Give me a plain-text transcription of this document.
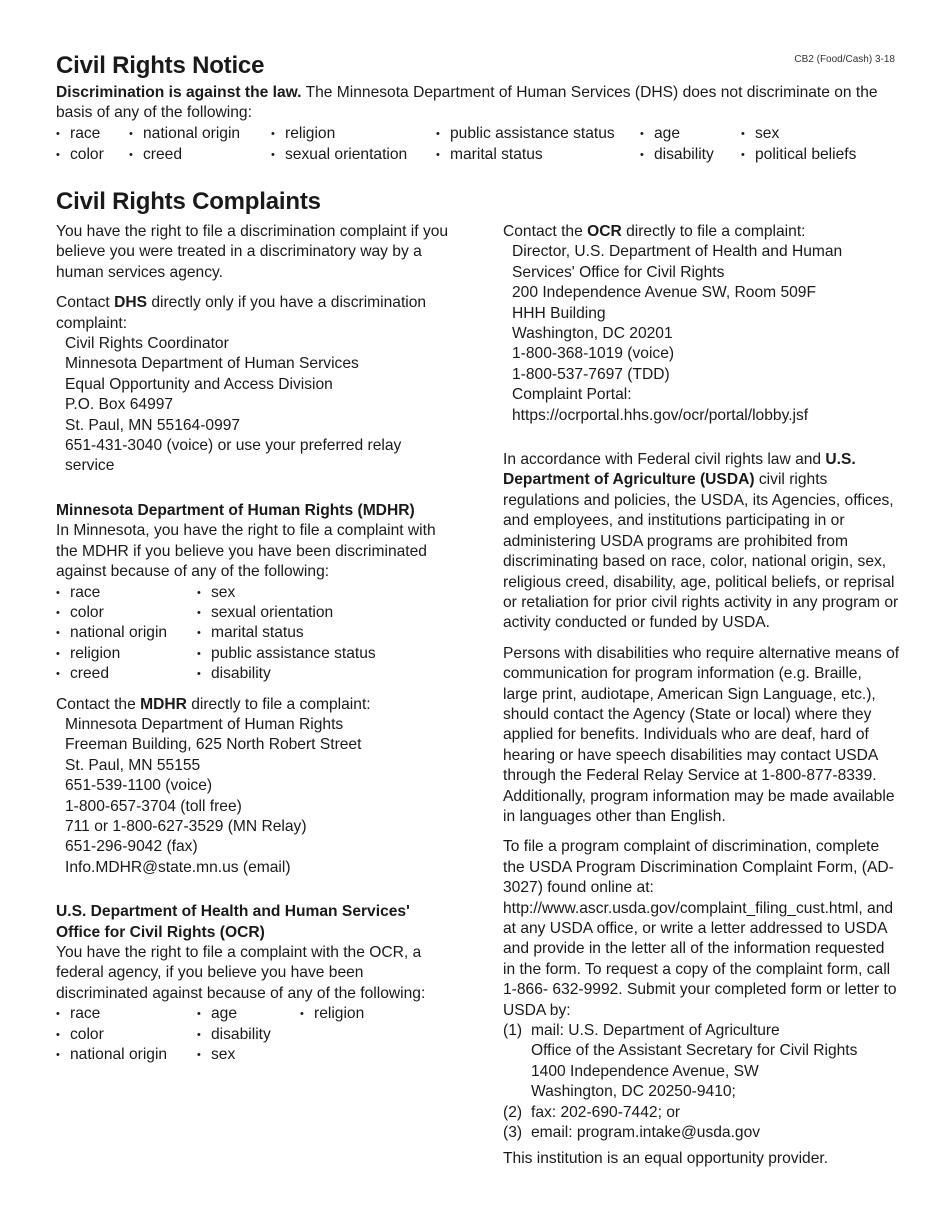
CB2 (Food/Cash) 3-18
Civil Rights Notice

Discrimination is against the law. The Minnesota Department of Human Services (DHS) does not discriminate on the basis of any of the following:

• race
• color
• national origin
• creed
• religion
• sexual orientation
• public assistance status
• marital status
• age
• disability
• sex
• political beliefs
Civil Rights Complaints

You have the right to file a discrimination complaint if you believe you were treated in a discriminatory way by a human services agency.

Contact DHS directly only if you have a discrimination complaint:

Civil Rights Coordinator
Minnesota Department of Human Services
Equal Opportunity and Access Division
P.O. Box 64997
St. Paul, MN 55164-0997
651-431-3040 (voice) or use your preferred relay service
Minnesota Department of Human Rights (MDHR)

In Minnesota, you have the right to file a complaint with the MDHR if you believe you have been discriminated against because of any of the following:

• race
• color
• national origin
• religion
• creed
• sex
• sexual orientation
• marital status
• public assistance status
• disability

Contact the MDHR directly to file a complaint:

Minnesota Department of Human Rights
Freeman Building, 625 North Robert Street
St. Paul, MN 55155
651-539-1100 (voice)
1-800-657-3704 (toll free)
711 or 1-800-627-3529 (MN Relay)
651-296-9042 (fax)
Info.MDHR@state.mn.us (email)
U.S. Department of Health and Human Services'
Office for Civil Rights (OCR)

You have the right to file a complaint with the OCR, a federal agency, if you believe you have been discriminated against because of any of the following:

• race
• color
• national origin
• age
• disability
• sex
• religion

Contact the OCR directly to file a complaint:

Director, U.S. Department of Health and Human Services' Office for Civil Rights
200 Independence Avenue SW, Room 509F
HHH Building
Washington, DC 20201
1-800-368-1019 (voice)
1-800-537-7697 (TDD)
Complaint Portal:
https://ocrportal.hhs.gov/ocr/portal/lobby.jsf

In accordance with Federal civil rights law and U.S. Department of Agriculture (USDA) civil rights regulations and policies, the USDA, its Agencies, offices, and employees, and institutions participating in or administering USDA programs are prohibited from discriminating based on race, color, national origin, sex, religious creed, disability, age, political beliefs, or reprisal or retaliation for prior civil rights activity in any program or activity conducted or funded by USDA.

Persons with disabilities who require alternative means of communication for program information (e.g. Braille, large print, audiotape, American Sign Language, etc.), should contact the Agency (State or local) where they applied for benefits. Individuals who are deaf, hard of hearing or have speech disabilities may contact USDA through the Federal Relay Service at 1-800-877-8339. Additionally, program information may be made available in languages other than English.

To file a program complaint of discrimination, complete the USDA Program Discrimination Complaint Form, (AD-3027) found online at: http://www.ascr.usda.gov/complaint_filing_cust.html, and at any USDA office, or write a letter addressed to USDA and provide in the letter all of the information requested in the form. To request a copy of the complaint form, call 1-866- 632-9992. Submit your completed form or letter to USDA by:

(1) mail: U.S. Department of Agriculture
Office of the Assistant Secretary for Civil Rights
1400 Independence Avenue, SW
Washington, DC 20250-9410;
(2) fax: 202-690-7442; or
(3) email: program.intake@usda.gov

This institution is an equal opportunity provider.
